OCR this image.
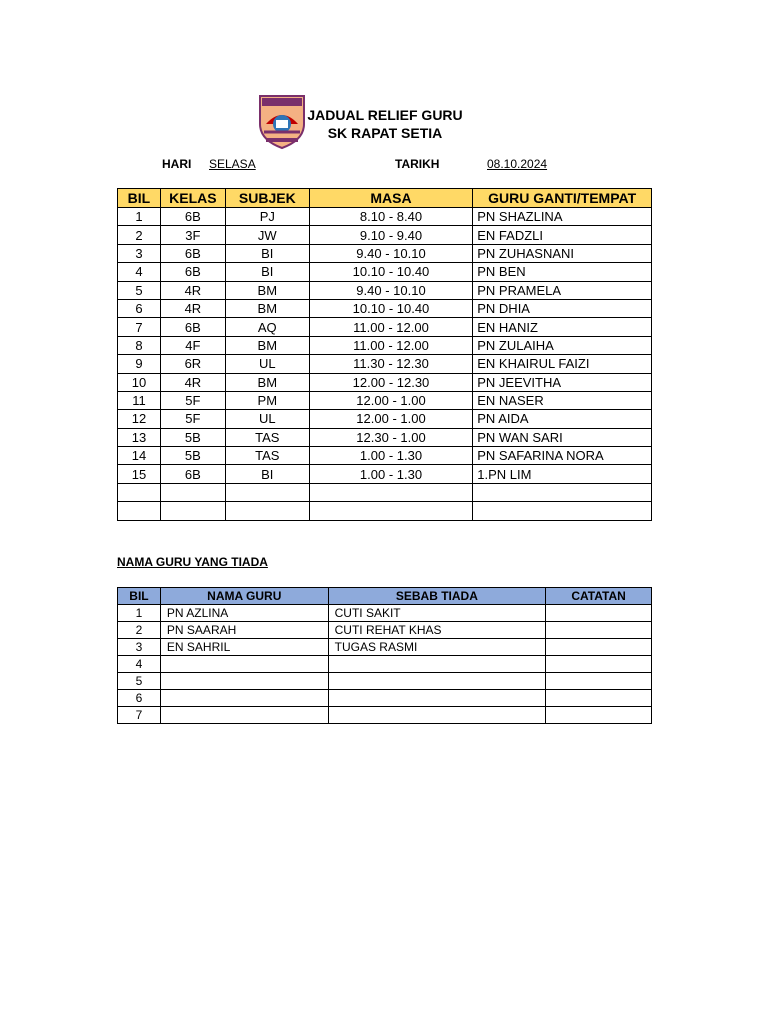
JADUAL RELIEF GURU
SK RAPAT SETIA
HARI SELASA	TARIKH	08.10.2024
BIL	KELAS	SUBJEK	MASA	GURU GANTI/TEMPAT
1	6B	PJ	8.10 - 8.40	PN SHAZLINA
2	3F	JW	9.10 - 9.40	EN FADZLI
3	6B	BI	9.40 - 10.10	PN ZUHASNANI
4	6B	BI	10.10 - 10.40	PN BEN
5	4R	BM	9.40 - 10.10	PN PRAMELA
6	4R	BM	10.10 - 10.40	PN DHIA
7	6B	AQ	11.00 - 12.00	EN HANIZ
8	4F	BM	11.00 - 12.00	PN ZULAIHA
9	6R	UL	11.30 - 12.30	EN KHAIRUL FAIZI
10	4R	BM	12.00 - 12.30	PN JEEVITHA
11	5F	PM	12.00 - 1.00	EN NASER
12	5F	UL	12.00 - 1.00	PN AIDA
13	5B	TAS	12.30 - 1.00	PN WAN SARI
14	5B	TAS	1.00 - 1.30	PN SAFARINA NORA
15	6B	BI	1.00 - 1.30	1.PN LIM

NAMA GURU YANG TIADA
BIL	NAMA GURU	SEBAB TIADA	CATATAN
1	PN AZLINA	CUTI SAKIT	
2	PN SAARAH	CUTI REHAT KHAS	
3	EN SAHRIL	TUGAS RASMI	
4			
5			
6			
7			
